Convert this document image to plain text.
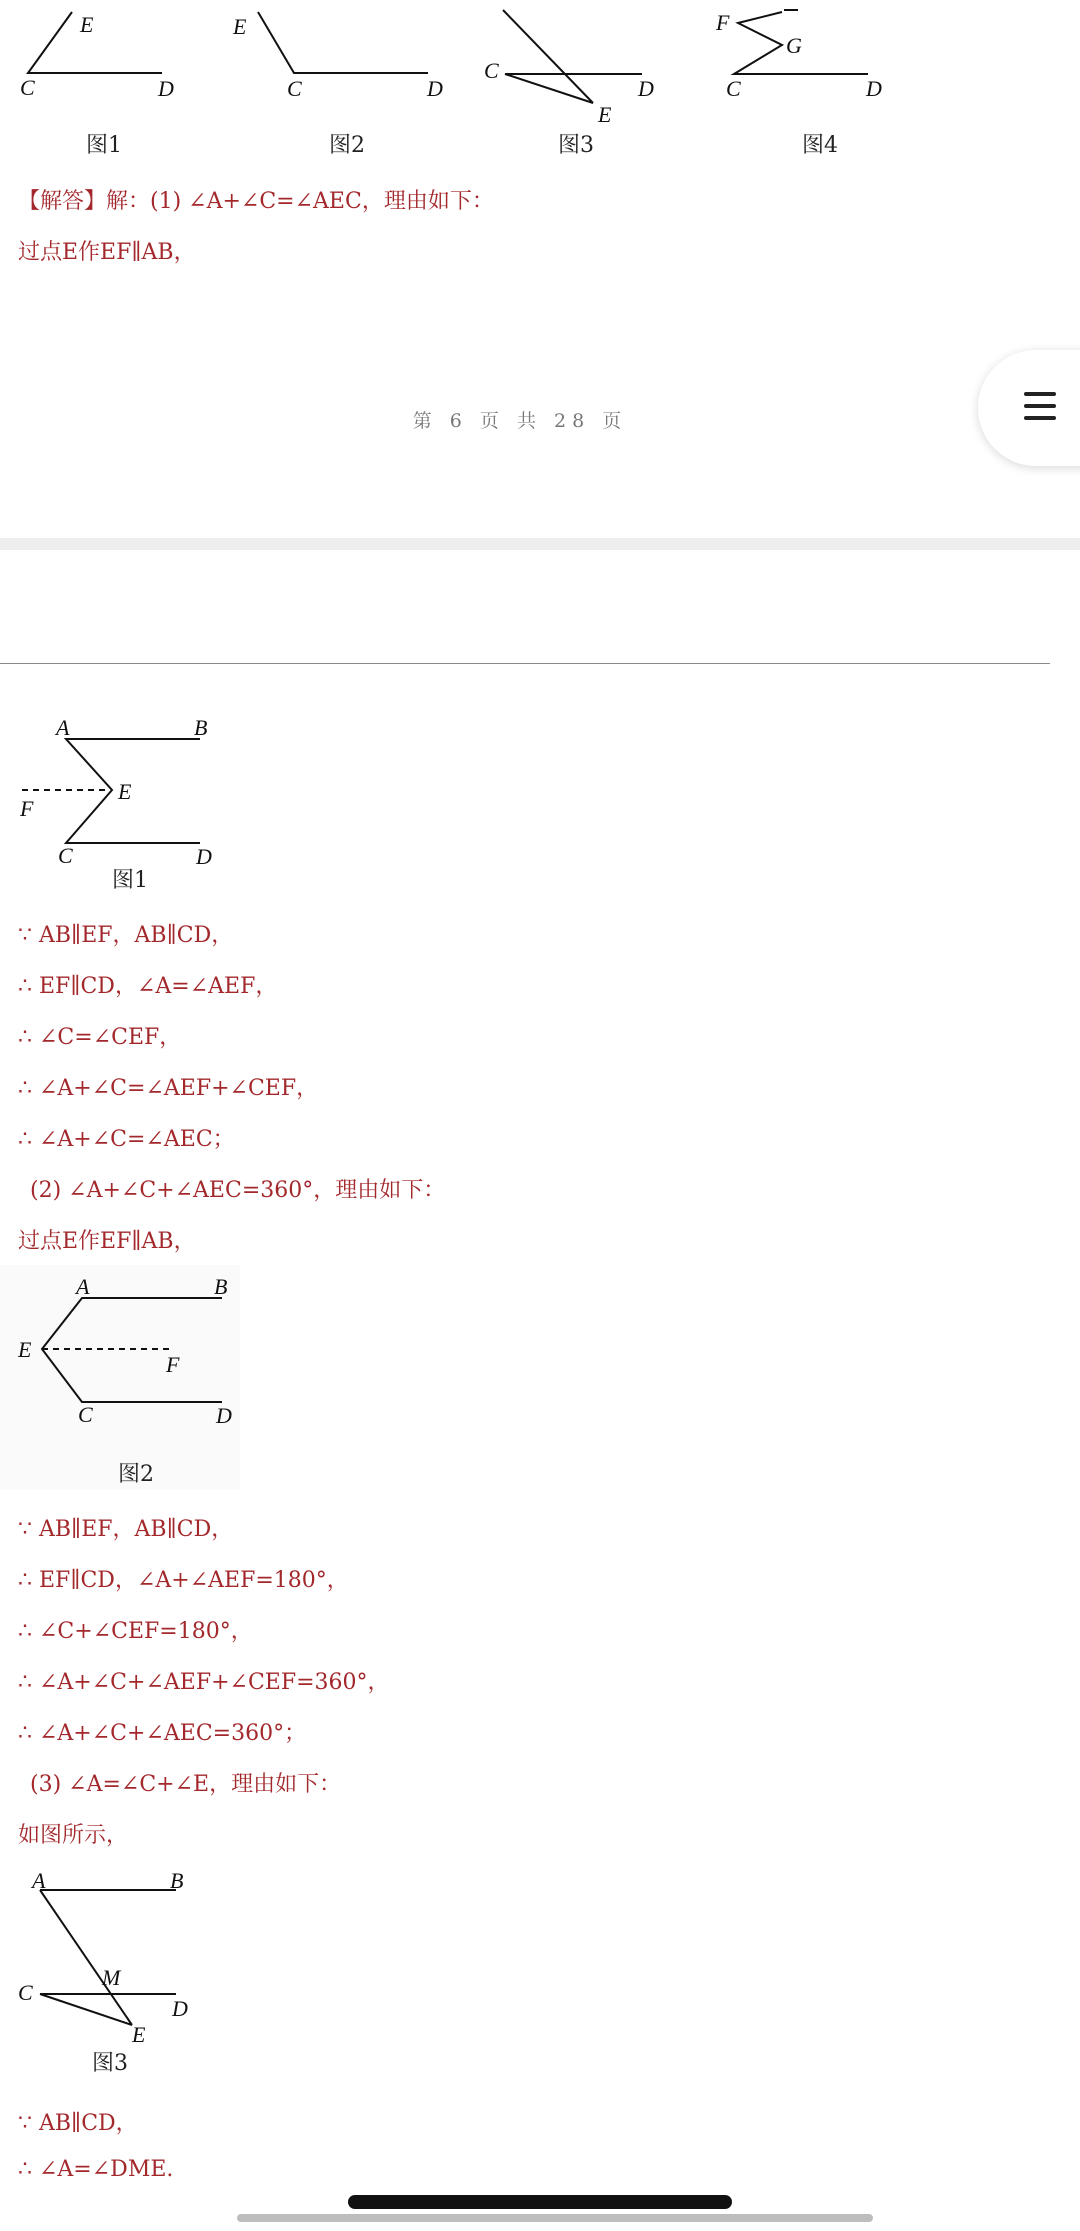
E
C	D
图1
E
C	D
图2
C
D
E
图3
F
G
C	D
图4
【解答】解：(1) ∠A+∠C=∠AEC，理由如下：
过点E作EF∥AB，
第 6 页 共 28 页
A	B
E
F
C	D
图1
∵ AB∥EF，AB∥CD，
∴ EF∥CD，∠A=∠AEF，
∴ ∠C=∠CEF，
∴ ∠A+∠C=∠AEF+∠CEF，
∴ ∠A+∠C=∠AEC；
(2) ∠A+∠C+∠AEC=360°，理由如下：
过点E作EF∥AB，
A	B
E
F
C	D
图2
∵ AB∥EF，AB∥CD，
∴ EF∥CD，∠A+∠AEF=180°，
∴ ∠C+∠CEF=180°，
∴ ∠A+∠C+∠AEF+∠CEF=360°，
∴ ∠A+∠C+∠AEC=360°；
(3) ∠A=∠C+∠E，理由如下：
如图所示，
A	B
M
C
D
E
图3
∵ AB∥CD，
∴ ∠A=∠DME.
